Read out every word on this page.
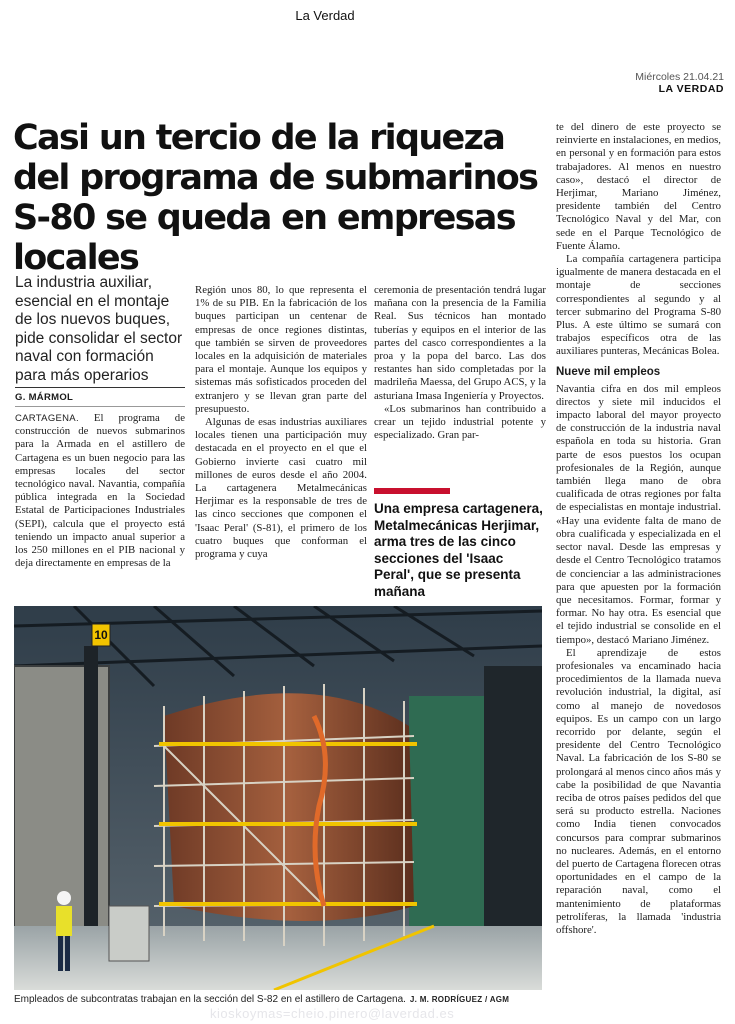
La Verdad
Miércoles 21.04.21
LA VERDAD
Casi un tercio de la riqueza del programa de submarinos S-80 se queda en empresas locales
La industria auxiliar, esencial en el montaje de los nuevos buques, pide consolidar el sector naval con formación para más operarios
G. MÁRMOL

CARTAGENA. El programa de construcción de nuevos submarinos para la Armada en el astillero de Cartagena es un buen negocio para las empresas locales del sector tecnológico naval. Navantia, compañía pública integrada en la Sociedad Estatal de Participaciones Industriales (SEPI), calcula que el proyecto está teniendo un impacto anual superior a los 250 millones en el PIB nacional y deja directamente en empresas de la

Región unos 80, lo que representa el 1% de su PIB. En la fabricación de los buques participan un centenar de empresas de once regiones distintas, que también se sirven de proveedores locales en la adquisición de materiales para el montaje. Aunque los equipos y sistemas más sofisticados proceden del extranjero y se llevan gran parte del presupuesto.

Algunas de esas industrias auxiliares locales tienen una participación muy destacada en el proyecto en el que el Gobierno invierte casi cuatro mil millones de euros desde el año 2004. La cartagenera Metalmecánicas Herjimar es la responsable de tres de las cinco secciones que componen el 'Isaac Peral' (S-81), el primero de los cuatro buques que conforman el programa y cuya

ceremonia de presentación tendrá lugar mañana con la presencia de la Familia Real. Sus técnicos han montado tuberías y equipos en el interior de las partes del casco correspondientes a la proa y la popa del barco. Las dos restantes han sido completadas por la madrileña Maessa, del Grupo ACS, y la asturiana Imasa Ingeniería y Proyectos.

«Los submarinos han contribuido a crear un tejido industrial potente y especializado. Gran par-

Una empresa cartagenera, Metalmecánicas Herjimar, arma tres de las cinco secciones del 'Isaac Peral', que se presenta mañana

te del dinero de este proyecto se reinvierte en instalaciones, en medios, en personal y en formación para estos trabajadores. Al menos en nuestro caso», destacó el director de Herjimar, Mariano Jiménez, presidente también del Centro Tecnológico Naval y del Mar, con sede en el Parque Tecnológico de Fuente Álamo.

La compañía cartagenera participa igualmente de manera destacada en el montaje de secciones correspondientes al segundo y al tercer submarino del Programa S-80 Plus. A este último se sumará con trabajos específicos otra de las auxiliares punteras, Mecánicas Bolea.

Nueve mil empleos

Navantia cifra en dos mil empleos directos y siete mil inducidos el impacto laboral del mayor proyecto de construcción de la industria naval española en toda su historia. Gran parte de esos puestos los ocupan profesionales de la Región, aunque también llega mano de obra cualificada de otras regiones por falta de especialistas en montaje industrial. «Hay una evidente falta de mano de obra cualificada y especializada en el sector naval. Desde las empresas y desde el Centro Tecnológico tratamos de concienciar a las administraciones para que apuesten por la formación que necesitamos. Formar, formar y formar. No hay otra. Es esencial que el tejido industrial se consolide en el tiempo», destacó Mariano Jiménez.

El aprendizaje de estos profesionales va encaminado hacia procedimientos de la llamada nueva revolución industrial, la digital, así como al manejo de novedosos equipos. Es un campo con un largo recorrido por delante, según el presidente del Centro Tecnológico Naval. La fabricación de los S-80 se prolongará al menos cinco años más y cabe la posibilidad de que Navantia reciba de otros países pedidos del que será su producto estrella. Naciones como India tienen convocados concursos para comprar submarinos no nucleares. Además, en el entorno del puerto de Cartagena florecen otras oportunidades en el campo de la reparación naval, como el mantenimiento de plataformas petrolíferas, la llamada 'industria offshore'.

10
Empleados de subcontratas trabajan en la sección del S-82 en el astillero de Cartagena. J. M. RODRÍGUEZ / AGM
kioskoymas=cheio.pinero@laverdad.es
